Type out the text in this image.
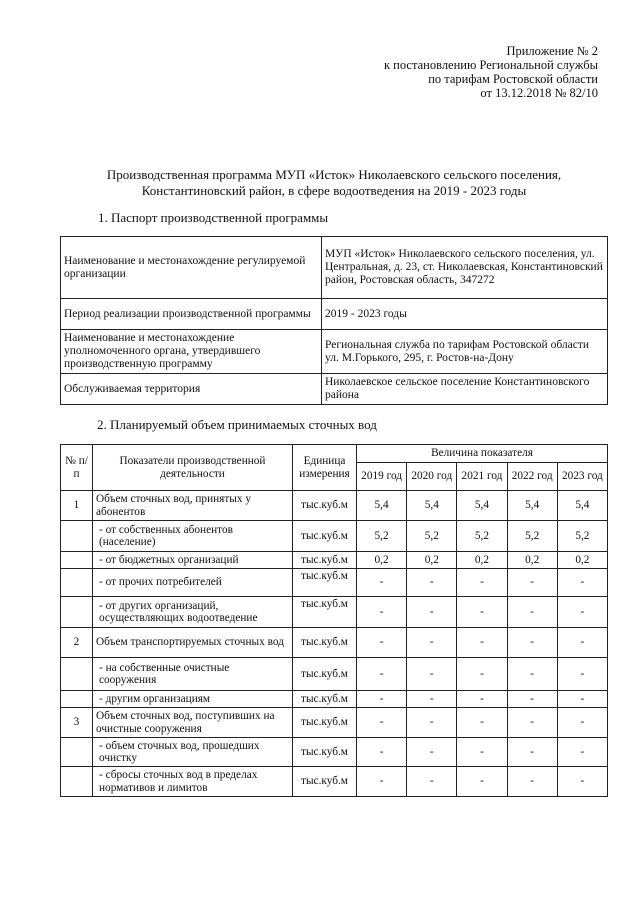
Приложение № 2
к постановлению Региональной службы
по тарифам Ростовской области
от 13.12.2018 № 82/10
Производственная программа МУП «Исток» Николаевского сельского поселения,
Константиновский район, в сфере водоотведения на 2019 - 2023 годы
1. Паспорт производственной программы
Наименование и местонахождение регулируемой организации	МУП «Исток» Николаевского сельского поселения, ул. Центральная, д. 23, ст. Николаевская, Константиновский район, Ростовская область, 347272
Период реализации производственной программы	2019 - 2023 годы
Наименование и местонахождение уполномоченного органа, утвердившего производственную программу	Региональная служба по тарифам Ростовской области ул. М.Горького, 295, г. Ростов-на-Дону
Обслуживаемая территория	Николаевское сельское поселение Константиновского района
2. Планируемый объем принимаемых сточных вод
№ п/п	Показатели производственной деятельности	Единица измерения	Величина показателя				
			2019 год	2020 год	2021 год	2022 год	2023 год
1	Объем сточных вод, принятых у абонентов	тыс.куб.м	5,4	5,4	5,4	5,4	5,4
	- от собственных абонентов (население)	тыс.куб.м	5,2	5,2	5,2	5,2	5,2
	- от бюджетных организаций	тыс.куб.м	0,2	0,2	0,2	0,2	0,2
	- от прочих потребителей	тыс.куб.м	-	-	-	-	-
	- от других организаций, осуществляющих водоотведение	тыс.куб.м	-	-	-	-	-
2	Объем транспортируемых сточных вод	тыс.куб.м	-	-	-	-	-
	- на собственные очистные сооружения	тыс.куб.м	-	-	-	-	-
	- другим организациям	тыс.куб.м	-	-	-	-	-
3	Объем сточных вод, поступивших на очистные сооружения	тыс.куб.м	-	-	-	-	-
	- объем сточных вод, прошедших очистку	тыс.куб.м	-	-	-	-	-
	- сбросы сточных вод в пределах нормативов и лимитов	тыс.куб.м	-	-	-	-	-
